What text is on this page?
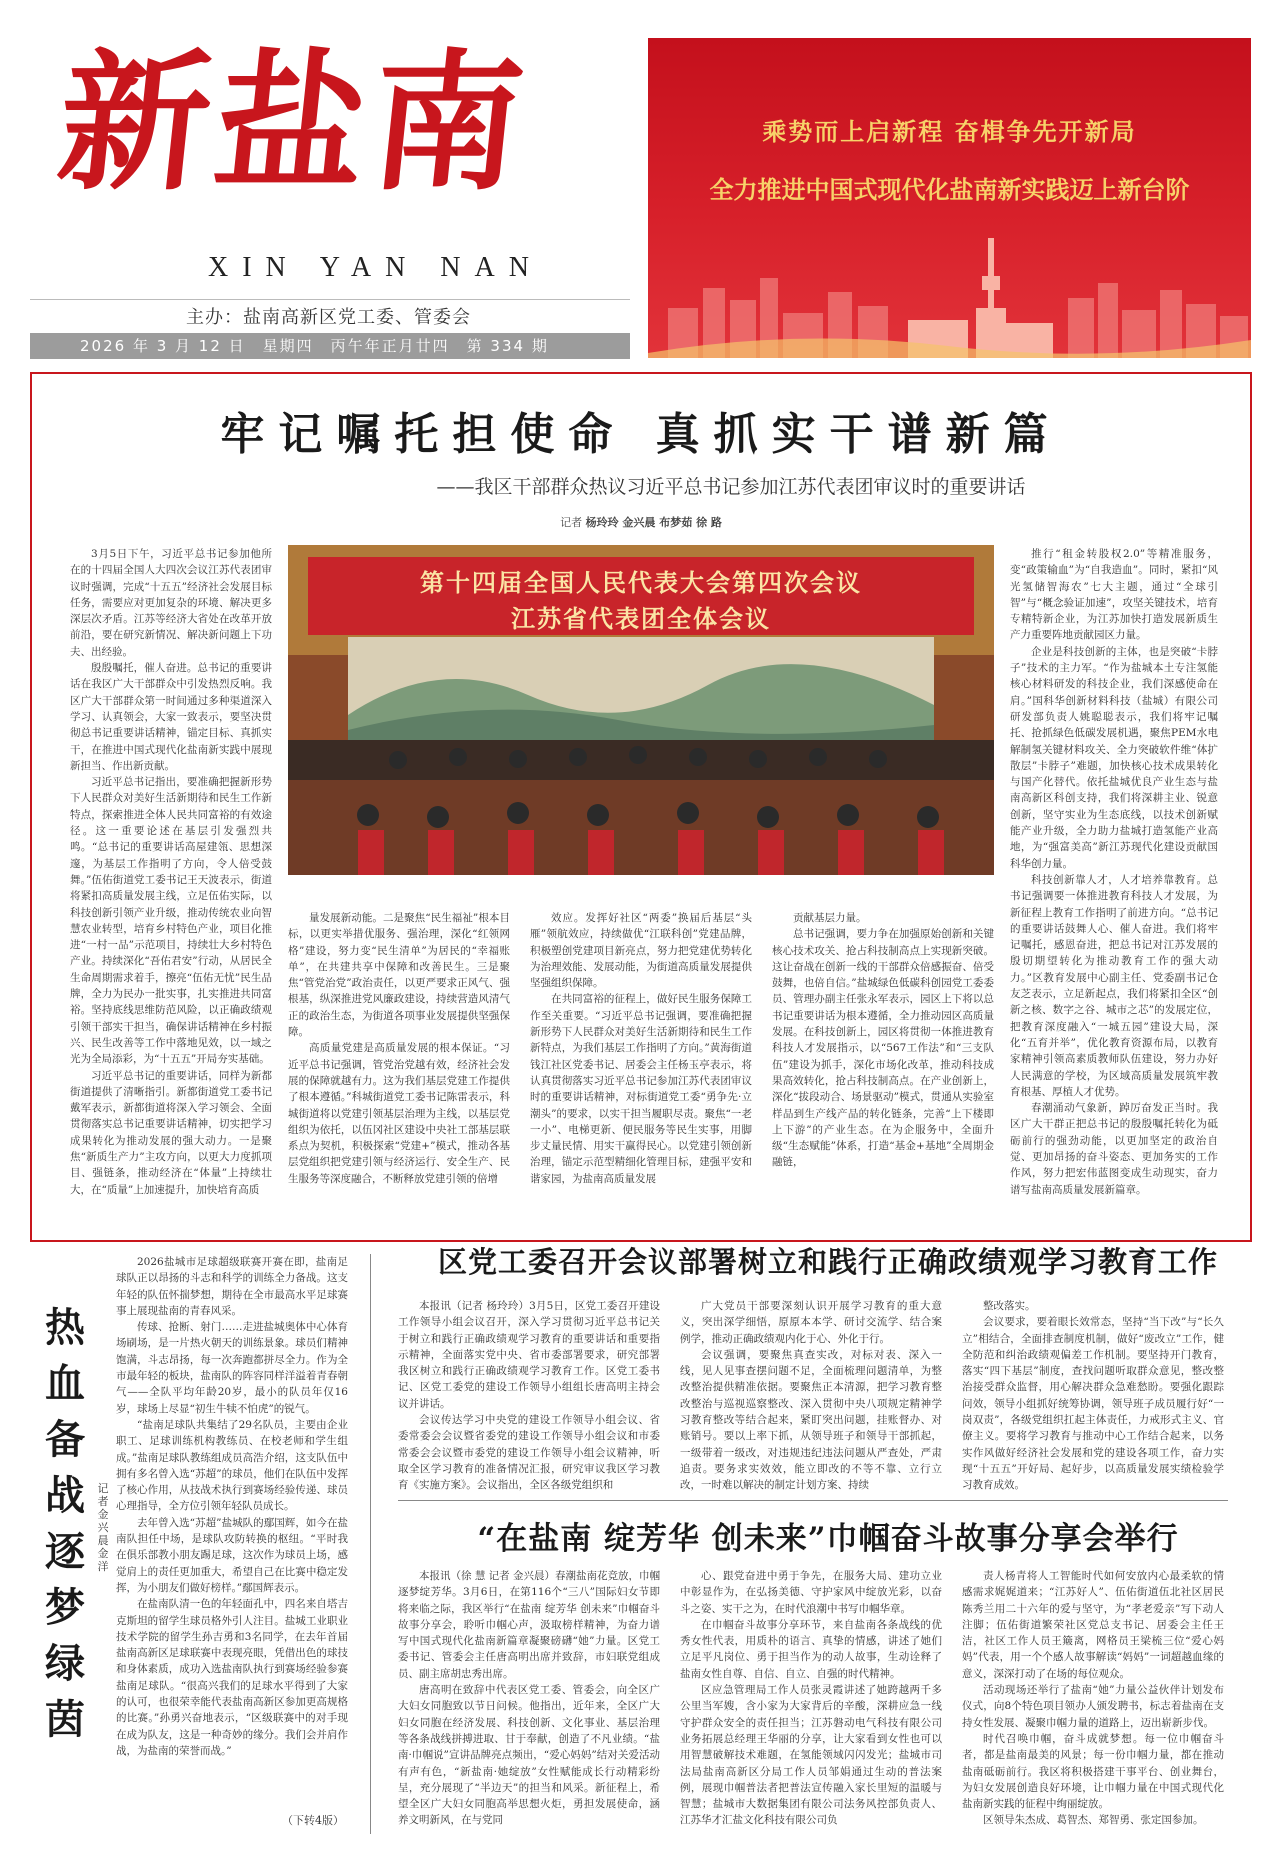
新盐南
XIN YAN NAN
主办：盐南高新区党工委、管委会
2026 年 3 月 12 日　星期四　丙午年正月廿四　第 334 期
乘势而上启新程 奋楫争先开新局
全力推进中国式现代化盐南新实践迈上新台阶
牢记嘱托担使命 真抓实干谱新篇
——我区干部群众热议习近平总书记参加江苏代表团审议时的重要讲话
记者 杨玲玲 金兴晨 布梦茹 徐 路

3月5日下午，习近平总书记参加他所在的十四届全国人大四次会议江苏代表团审议时强调，完成“十五五”经济社会发展目标任务，需要应对更加复杂的环境、解决更多深层次矛盾。江苏等经济大省处在改革开放前沿，要在研究新情况、解决新问题上下功夫、出经验。

殷殷嘱托，催人奋进。总书记的重要讲话在我区广大干部群众中引发热烈反响。我区广大干部群众第一时间通过多种渠道深入学习、认真领会，大家一致表示，要坚决贯彻总书记重要讲话精神，锚定目标、真抓实干，在推进中国式现代化盐南新实践中展现新担当、作出新贡献。

习近平总书记指出，要准确把握新形势下人民群众对美好生活新期待和民生工作新特点，探索推进全体人民共同富裕的有效途径。这一重要论述在基层引发强烈共鸣。“总书记的重要讲话高屋建瓴、思想深邃，为基层工作指明了方向，令人倍受鼓舞。”伍佑街道党工委书记王天波表示，街道将紧扣高质量发展主线，立足伍佑实际，以科技创新引领产业升级，推动传统农业向智慧农业转型，培育乡村特色产业，项目化推进“一村一品”示范项目，持续壮大乡村特色产业。持续深化“吾佑君安”行动，从居民全生命周期需求着手，擦亮“伍佑无忧”民生品牌，全力为民办一批实事，扎实推进共同富裕。坚持底线思维防范风险，以正确政绩观引领干部实干担当，确保讲话精神在乡村振兴、民生改善等工作中落地见效，以一域之光为全局添彩，为“十五五”开局夯实基础。

习近平总书记的重要讲话，同样为新都街道提供了清晰指引。新都街道党工委书记戴军表示，新都街道将深入学习领会、全面贯彻落实总书记重要讲话精神，切实把学习成果转化为推动发展的强大动力。一是聚焦“新质生产力”主攻方向，以更大力度抓项目、强链条，推动经济在“体量”上持续壮大，在“质量”上加速提升，加快培育高质

第十四届全国人民代表大会第四次会议
江苏省代表团全体会议

量发展新动能。二是聚焦“民生福祉”根本目标，以更实举措优服务、强治理，深化“红领网格”建设，努力变“民生清单”为居民的“幸福账单”，在共建共享中保障和改善民生。三是聚焦“管党治党”政治责任，以更严要求正风气、强根基，纵深推进党风廉政建设，持续营造风清气正的政治生态，为街道各项事业发展提供坚强保障。

高质量党建是高质量发展的根本保证。“习近平总书记强调，管党治党越有效，经济社会发展的保障就越有力。这为我们基层党建工作提供了根本遵循。”科城街道党工委书记陈雷表示，科城街道将以党建引领基层治理为主线，以基层党组织为依托，以伍冈社区建设中央社工部基层联系点为契机，积极探索“党建+”模式，推动各基层党组织把党建引领与经济运行、安全生产、民生服务等深度融合，不断释放党建引领的倍增

效应。发挥好社区“两委”换届后基层“头雁”领航效应，持续做优“江联科创”党建品牌，积极塑创党建项目新亮点，努力把党建优势转化为治理效能、发展动能，为街道高质量发展提供坚强组织保障。

在共同富裕的征程上，做好民生服务保障工作至关重要。“习近平总书记强调，要准确把握新形势下人民群众对美好生活新期待和民生工作新特点，为我们基层工作指明了方向。”黄海街道钱江社区党委书记、居委会主任杨玉亭表示，将认真贯彻落实习近平总书记参加江苏代表团审议时的重要讲话精神，对标街道党工委“勇争先·立潮头”的要求，以实干担当履职尽责。聚焦“一老一小”、电梯更新、便民服务等民生实事，用脚步丈量民情、用实干赢得民心。以党建引领创新治理，锚定示范型精细化管理目标，建强平安和谐家园，为盐南高质量发展

贡献基层力量。

总书记强调，要力争在加强原始创新和关键核心技术攻关、抢占科技制高点上实现新突破。这让奋战在创新一线的干部群众倍感振奋、倍受鼓舞，也倍自信。”盐城绿色低碳科创园党工委委员、管理办副主任张永军表示，园区上下将以总书记重要讲话为根本遵循，全力推动园区高质量发展。在科技创新上，园区将贯彻一体推进教育科技人才发展指示，以“567工作法”和“三支队伍”建设为抓手，深化市场化改革，推动科技成果高效转化，抢占科技制高点。在产业创新上，深化“拔段动合、场景驱动”模式，贯通从实验室样品到生产线产品的转化链条，完善“上下楼即上下游”的产业生态。在为企服务中，全面升级“生态赋能”体系，打造“基金+基地”全周期金融链，

推行“租金转股权2.0”等精准服务，变“政策输血”为“自我造血”。同时，紧扣“风光氢储智海农”七大主题，通过“全球引智”与“概念验证加速”，攻坚关键技术，培育专精特新企业，为江苏加快打造发展新质生产力重要阵地贡献园区力量。

企业是科技创新的主体，也是突破“卡脖子”技术的主力军。“作为盐城本土专注氢能核心材料研发的科技企业，我们深感使命在肩。”国科华创新材料科技（盐城）有限公司研发部负责人姚聪聪表示，我们将牢记嘱托、抢抓绿色低碳发展机遇，聚焦PEM水电解制氢关键材料攻关、全力突破软件维“体扩散层”卡脖子”难题，加快核心技术成果转化与国产化替代。依托盐城优良产业生态与盐南高新区科创支持，我们将深耕主业、锐意创新，坚守实业为生态底线，以技术创新赋能产业升级，全力助力盐城打造氢能产业高地，为“强富美高”新江苏现代化建设贡献国科华创力量。

科技创新靠人才，人才培养靠教育。总书记强调要一体推进教育科技人才发展，为新征程上教育工作指明了前进方向。“总书记的重要讲话鼓舞人心、催人奋进。我们将牢记嘱托，感恩奋进，把总书记对江苏发展的殷切期望转化为推动教育工作的强大动力。”区教育发展中心副主任、党委副书记仓友芝表示，立足新起点，我们将紧扣全区“创新之核、数字之谷、城市之芯”的发展定位，把教育深度融入“一城五园”建设大局，深化“五育并举”，优化教育资源布局，以教育家精神引领高素质教师队伍建设，努力办好人民满意的学校，为区域高质量发展筑牢教育根基、厚植人才优势。

春潮涌动气象新，踔厉奋发正当时。我区广大干群正把总书记的殷殷嘱托转化为砥砺前行的强劲动能，以更加坚定的政治自觉、更加昂扬的奋斗姿态、更加务实的工作作风，努力把宏伟蓝图变成生动现实，奋力谱写盐南高质量发展新篇章。

热血备战逐梦绿茵
记者 金兴晨 金洋

2026盐城市足球超级联赛开赛在即，盐南足球队正以昂扬的斗志和科学的训练全力备战。这支年轻的队伍怀揣梦想，期待在全市最高水平足球赛事上展现盐南的青春风采。

传球、抢断、射门……走进盐城奥体中心体育场刷场，是一片热火朝天的训练景象。球员们精神饱满，斗志昂扬，每一次奔跑都拼尽全力。作为全市最年轻的板块，盐南队的阵容同样洋溢着青春朝气——全队平均年龄20岁，最小的队员年仅16岁，球场上尽显“初生牛犊不怕虎”的锐气。

“盐南足球队共集结了29名队员，主要由企业职工、足球训练机构教练员、在校老师和学生组成。”盐南足球队教练组成员高浩介绍，这支队伍中拥有多名曾入选“苏超”的球员，他们在队伍中发挥了核心作用，从技战术执行到赛场经验传递、球员心理指导，全方位引领年轻队员成长。

去年曾入选“苏超”盐城队的鄢国辉，如今在盐南队担任中场，是球队攻防转换的枢纽。“平时我在俱乐部教小朋友踢足球，这次作为球员上场，感觉肩上的责任更加重大，希望自己在比赛中稳定发挥，为小朋友们做好榜样。”鄢国辉表示。

在盐南队清一色的年轻面孔中，四名来自塔吉克斯坦的留学生球员格外引人注目。盐城工业职业技术学院的留学生孙吉勇和3名同学，在去年首届盐南高新区足球联赛中表现亮眼，凭借出色的球技和身体素质，成功入选盐南队执行到赛场经验参赛盐南足球队。“很高兴我们的足球水平得到了大家的认可，也很荣幸能代表盐南高新区参加更高规格的比赛。”孙勇兴奋地表示，“区级联赛中的对手现在成为队友，这是一种奇妙的缘分。我们会并肩作战，为盐南的荣誉而战。”

（下转4版）
区党工委召开会议部署树立和践行正确政绩观学习教育工作

本报讯（记者 杨玲玲）3月5日，区党工委召开建设工作领导小组会议召开，深入学习贯彻习近平总书记关于树立和践行正确政绩观学习教育的重要讲话和重要指示精神，全面落实党中央、省市委部署要求，研究部署我区树立和践行正确政绩观学习教育工作。区党工委书记、区党工委党的建设工作领导小组组长唐高明主持会议并讲话。

会议传达学习中央党的建设工作领导小组会议、省委常委会会议暨省委党的建设工作领导小组会议和市委常委会会议暨市委党的建设工作领导小组会议精神，听取全区学习教育的准备情况汇报，研究审议我区学习教育《实施方案》。会议指出，全区各级党组织和

广大党员干部要深刻认识开展学习教育的重大意义，突出深学细悟，原原本本学、研讨交流学、结合案例学，推动正确政绩观内化于心、外化于行。

会议强调，要聚焦真查实改，对标对表、深入一线，见人见事查摆问题不足，全面梳理问题清单，为整改整治提供精准依据。要聚焦正本清源，把学习教育整改整治与巡视巡察整改、深入贯彻中央八项规定精神学习教育整改等结合起来，紧盯突出问题，挂账督办、对账销号。要以上率下抓，从领导班子和领导干部抓起，一级带着一级改，对违规违纪违法问题从严查处，严肃追责。要务求实效效，能立即改的不等不靠、立行立改，一时难以解决的制定计划方案、持续

整改落实。

会议要求，要着眼长效常态，坚持“当下改”与“长久立”相结合，全面排查制度机制，做好“废改立”工作，健全防范和纠治政绩观偏差工作机制。要坚持开门教育，落实“四下基层”制度，查找问题听取群众意见，整改整治接受群众监督，用心解决群众急难愁盼。要强化跟踪问效，领导小组抓好统筹协调，领导班子成员履行好“一岗双责”，各级党组织扛起主体责任，力戒形式主义、官僚主义。要将学习教育与推动中心工作结合起来，以务实作风做好经济社会发展和党的建设各项工作，奋力实现“十五五”开好局、起好步，以高质量发展实绩检验学习教育成效。

“在盐南 绽芳华 创未来”巾帼奋斗故事分享会举行

本报讯（徐 慧 记者 金兴晨）春潮盐南花竞放，巾帼逐梦绽芳华。3月6日，在第116个“三八”国际妇女节即将来临之际，我区举行“在盐南 绽芳华 创未来”巾帼奋斗故事分享会，聆听巾帼心声，汲取榜样精神，为奋力谱写中国式现代化盐南新篇章凝聚磅礴“她”力量。区党工委书记、管委会主任唐高明出席并致辞，市妇联党组成员、副主席胡忠秀出席。

唐高明在致辞中代表区党工委、管委会，向全区广大妇女同胞致以节日问候。他指出，近年来，全区广大妇女同胞在经济发展、科技创新、文化事业、基层治理等各条战线拼搏进取、甘于奉献，创造了不凡业绩。“盐南·巾帼说”宣讲品牌亮点频出，“爱心妈妈”结对关爱活动有声有色，“新盐南·她绽放”女性赋能成长行动精彩纷呈，充分展现了“半边天”的担当和风采。新征程上，希望全区广大妇女同胞高举思想火炬，勇担发展使命，涵养文明新风，在与党同

心、跟党奋进中勇于争先，在服务大局、建功立业中彰显作为，在弘扬美德、守护家风中绽放光彩，以奋斗之姿、实干之为，在时代浪潮中书写巾帼华章。

在巾帼奋斗故事分享环节，来自盐南各条战线的优秀女性代表，用质朴的语言、真挚的情感，讲述了她们立足平凡岗位、勇于担当作为的动人故事，生动诠释了盐南女性自尊、自信、自立、自强的时代精神。

区应急管理局工作人员张灵霞讲述了她跨越两千多公里当军嫂，含小家为大家背后的辛酸，深耕应急一线守护群众安全的责任担当；江苏磐动电气科技有限公司业务拓展总经理王华丽的分享，让大家看到女性也可以用智慧破解技术难题，在氢能领域闪闪发光；盐城市司法局盐南高新区分局工作人员邹娟通过生动的普法案例，展现巾帼普法者把普法宣传融入家长里短的温暖与智慧；盐城市大数据集团有限公司法务风控部负责人、江苏华才汇盐文化科技有限公司负

责人杨青将人工智能时代如何安放内心最柔软的情感需求娓娓道来；“江苏好人”、伍佑街道伍北社区居民陈秀兰用二十六年的爱与坚守，为“孝老爱亲”写下动人注脚；伍佑街道繁荣社区党总支书记、居委会主任王洁，社区工作人员王簸离，网格员王梁梳三位“爱心妈妈”代表，用一个个感人故事解读“妈妈”一词超越血缘的意义，深深打动了在场的每位观众。

活动现场还举行了盐南“她”力量公益伙伴计划发布仪式，向8个特色项目领办人颁发聘书，标志着盐南在支持女性发展、凝聚巾帼力量的道路上，迈出崭新步伐。

时代召唤巾帼，奋斗成就梦想。每一位巾帼奋斗者，都是盐南最美的风景；每一份巾帼力量，都在推动盐南砥砺前行。我区将积极搭建干事平台、创业舞台，为妇女发展创造良好环境，让巾帼力量在中国式现代化盐南新实践的征程中绚丽绽放。

区领导朱杰成、葛智杰、郑智勇、张定国参加。
